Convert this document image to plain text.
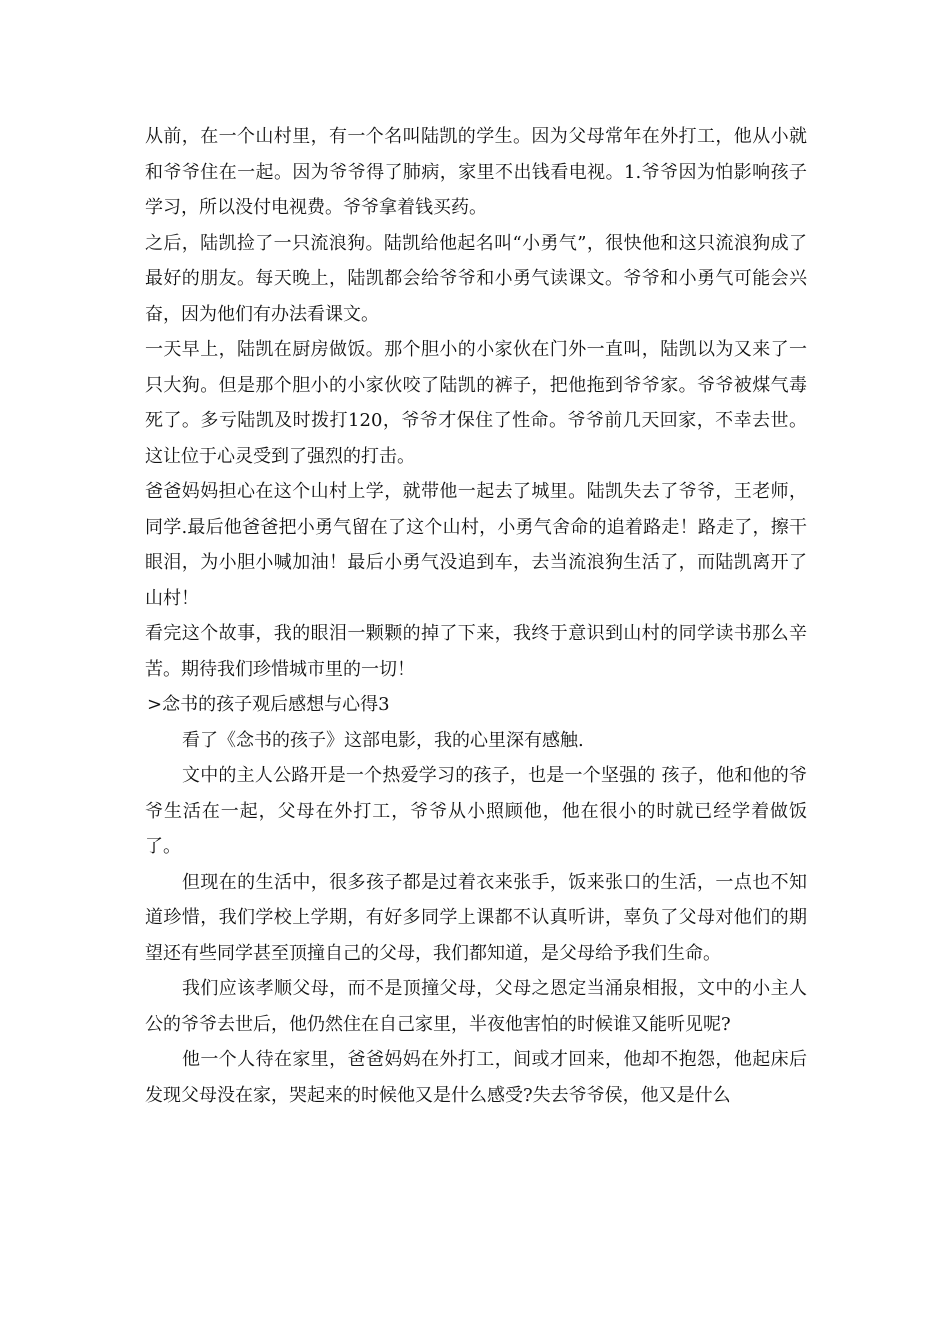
从前，在一个山村里，有一个名叫陆凯的学生。因为父母常年在外打工，他从小就和爷爷住在一起。因为爷爷得了肺病，家里不出钱看电视。1.爷爷因为怕影响孩子学习，所以没付电视费。爷爷拿着钱买药。

之后，陆凯捡了一只流浪狗。陆凯给他起名叫“小勇气”，很快他和这只流浪狗成了最好的朋友。每天晚上，陆凯都会给爷爷和小勇气读课文。爷爷和小勇气可能会兴奋，因为他们有办法看课文。

一天早上，陆凯在厨房做饭。那个胆小的小家伙在门外一直叫，陆凯以为又来了一只大狗。但是那个胆小的小家伙咬了陆凯的裤子，把他拖到爷爷家。爷爷被煤气毒死了。多亏陆凯及时拨打120，爷爷才保住了性命。爷爷前几天回家，不幸去世。这让位于心灵受到了强烈的打击。

爸爸妈妈担心在这个山村上学，就带他一起去了城里。陆凯失去了爷爷，王老师，同学.最后他爸爸把小勇气留在了这个山村，小勇气舍命的追着路走！路走了，擦干眼泪，为小胆小喊加油！最后小勇气没追到车，去当流浪狗生活了，而陆凯离开了山村！

看完这个故事，我的眼泪一颗颗的掉了下来，我终于意识到山村的同学读书那么辛苦。期待我们珍惜城市里的一切！

>念书的孩子观后感想与心得3

看了《念书的孩子》这部电影，我的心里深有感触.

文中的主人公路开是一个热爱学习的孩子，也是一个坚强的 孩子，他和他的爷爷生活在一起，父母在外打工，爷爷从小照顾他，他在很小的时就已经学着做饭了。

但现在的生活中，很多孩子都是过着衣来张手，饭来张口的生活，一点也不知道珍惜，我们学校上学期，有好多同学上课都不认真听讲，辜负了父母对他们的期望还有些同学甚至顶撞自己的父母，我们都知道，是父母给予我们生命。

我们应该孝顺父母，而不是顶撞父母，父母之恩定当涌泉相报，文中的小主人公的爷爷去世后，他仍然住在自己家里，半夜他害怕的时候谁又能听见呢?

他一个人待在家里，爸爸妈妈在外打工，间或才回来，他却不抱怨，他起床后发现父母没在家，哭起来的时候他又是什么感受?失去爷爷侯，他又是什么
